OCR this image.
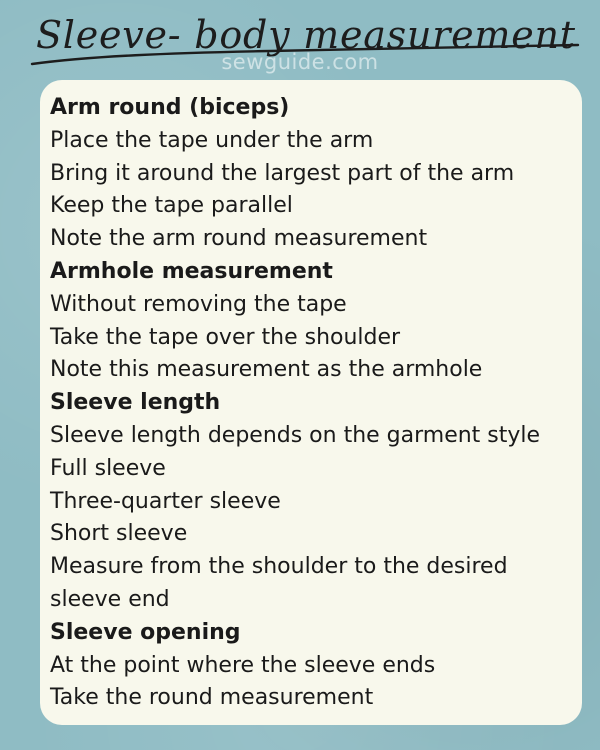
Sleeve- body measurement
sewguide.com
Arm round (biceps)
Place the tape under the arm
Bring it around the largest part of the arm
Keep the tape parallel
Note the arm round measurement
Armhole measurement
Without removing the tape
Take the tape over the shoulder
Note this measurement as the armhole
Sleeve length
Sleeve length depends on the garment style
Full sleeve
Three-quarter sleeve
Short sleeve
Measure from the shoulder to the desired
sleeve end
Sleeve opening
At the point where the sleeve ends
Take the round measurement
